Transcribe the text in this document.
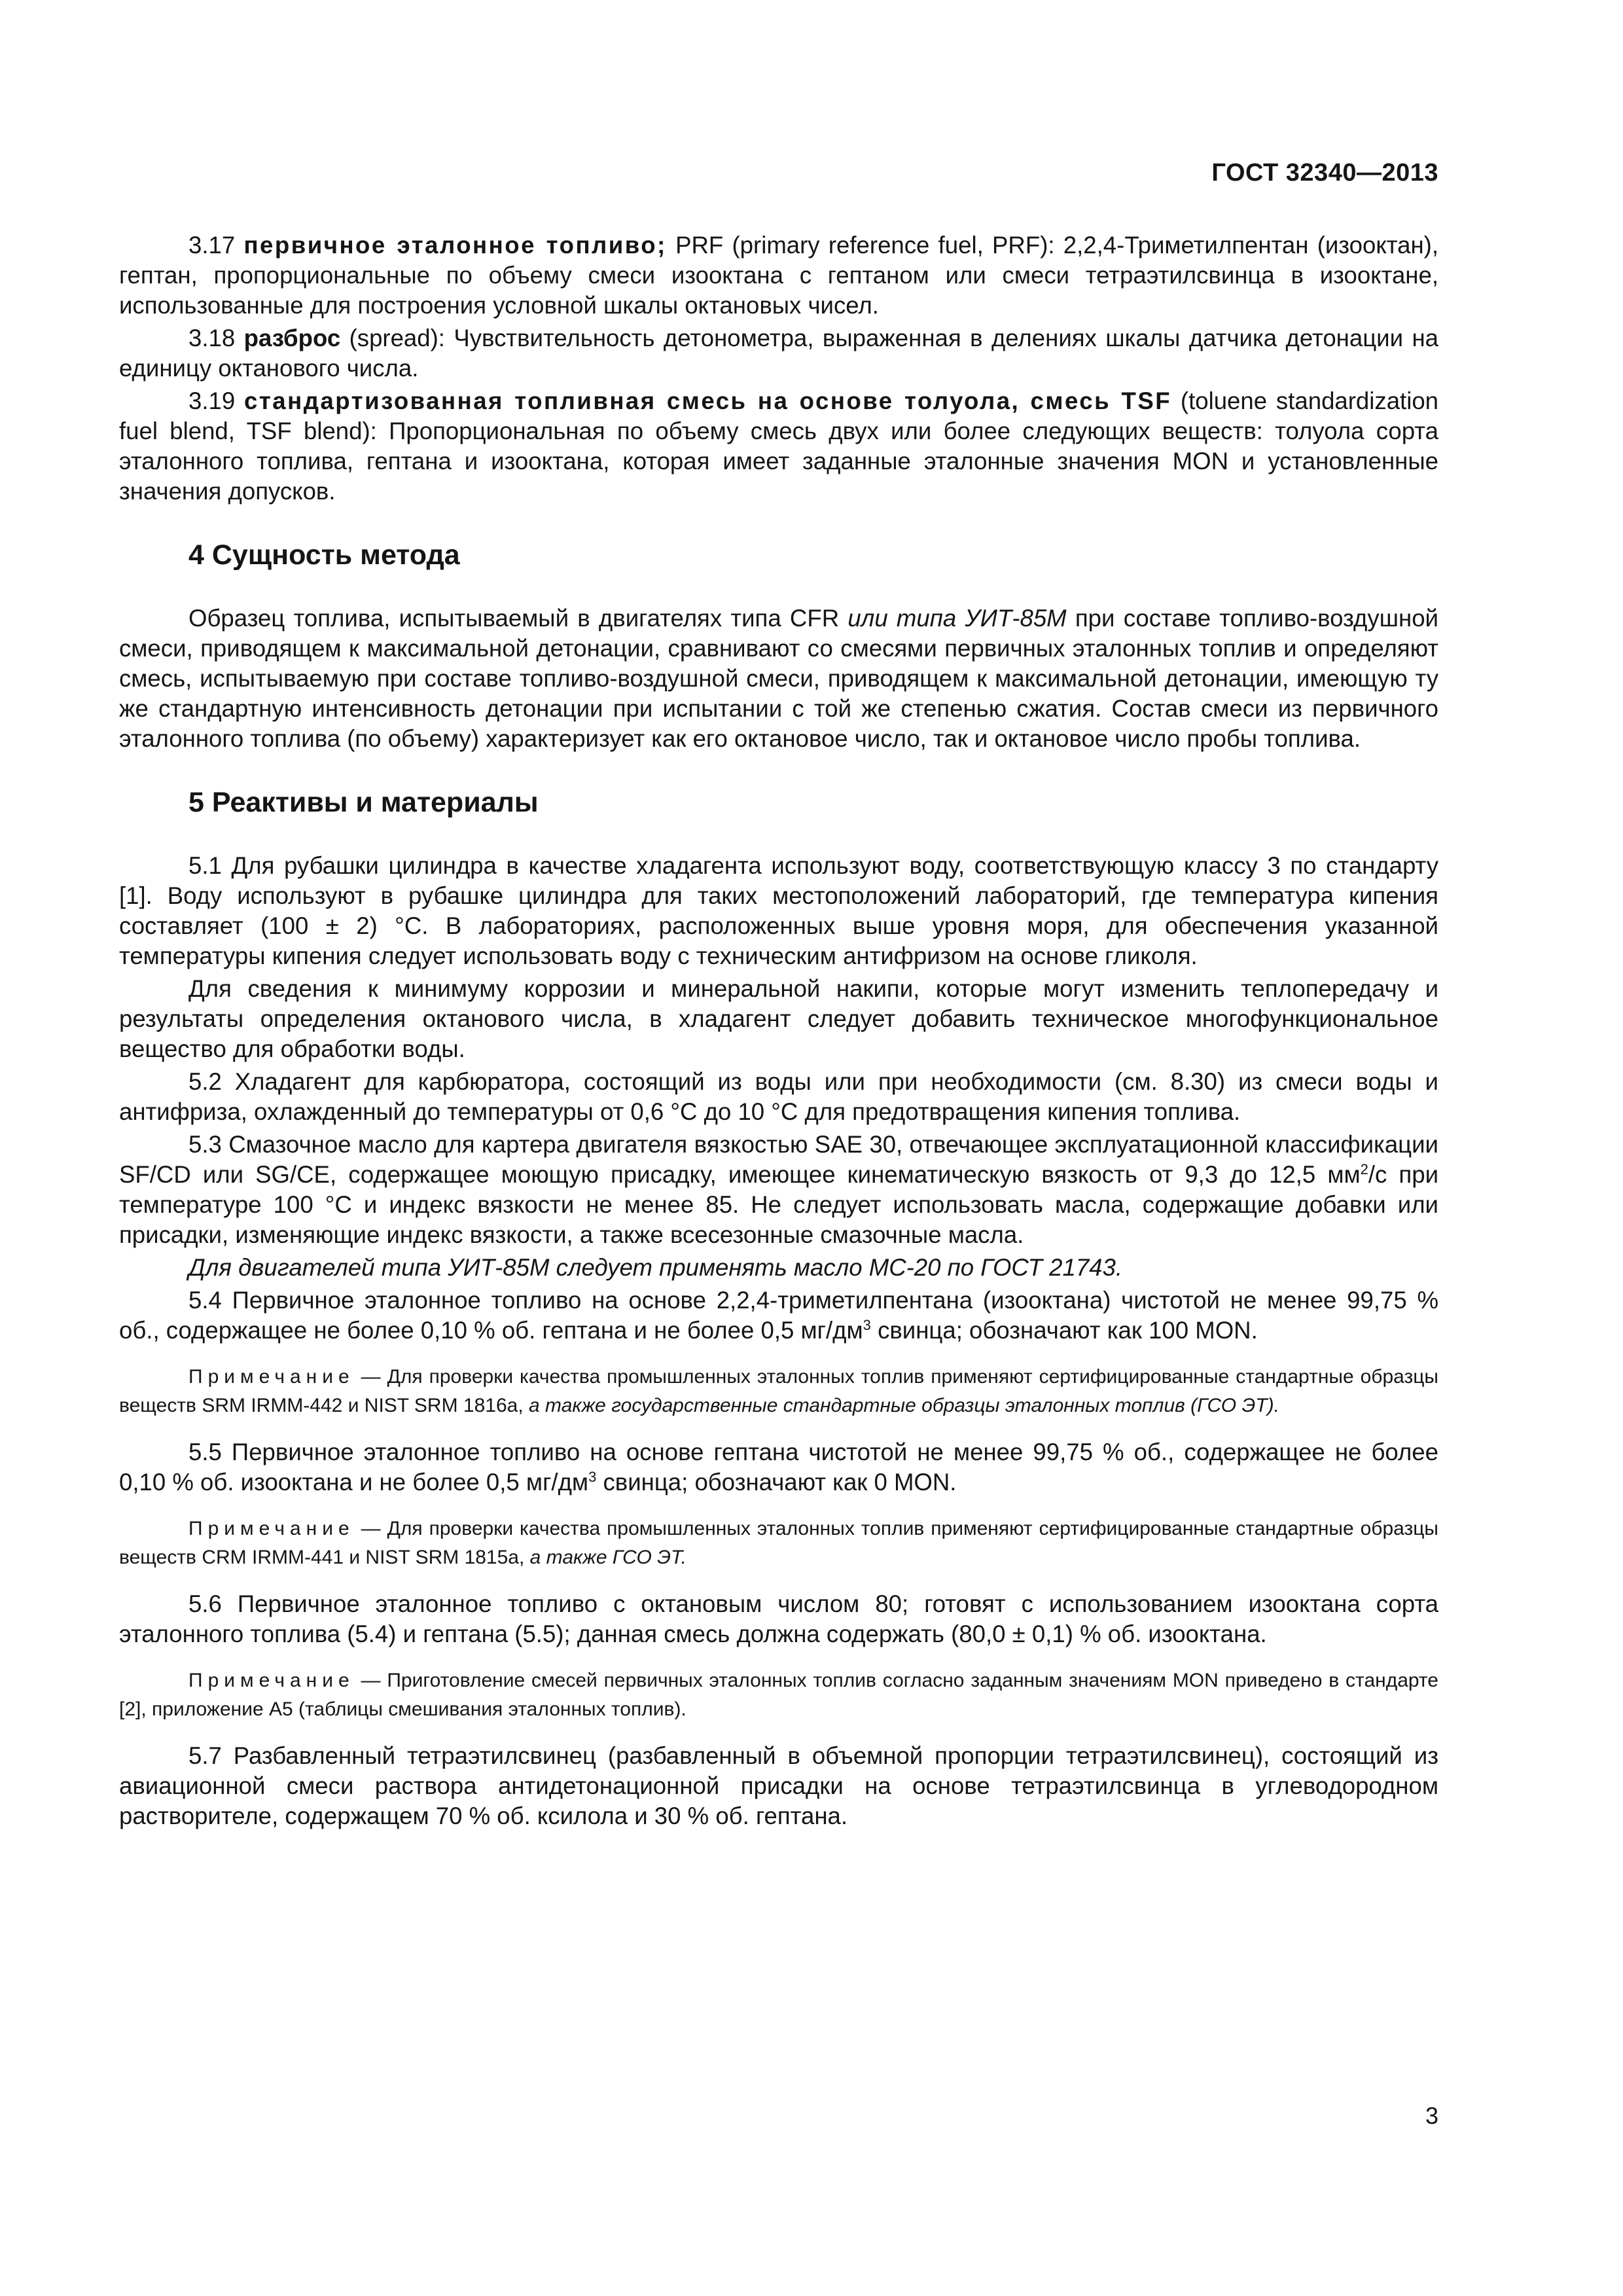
ГОСТ 32340—2013

3.17 первичное эталонное топливо; PRF (primary reference fuel, PRF): 2,2,4-Триметилпентан (изооктан), гептан, пропорциональные по объему смеси изооктана с гептаном или смеси тетраэтилсвинца в изооктане, использованные для построения условной шкалы октановых чисел.

3.18 разброс (spread): Чувствительность детонометра, выраженная в делениях шкалы датчика детонации на единицу октанового числа.

3.19 стандартизованная топливная смесь на основе толуола, смесь TSF (toluene standardization fuel blend, TSF blend): Пропорциональная по объему смесь двух или более следующих веществ: толуола сорта эталонного топлива, гептана и изооктана, которая имеет заданные эталонные значения MON и установленные значения допусков.

4 Сущность метода

Образец топлива, испытываемый в двигателях типа CFR или типа УИТ-85М при составе топливо-воздушной смеси, приводящем к максимальной детонации, сравнивают со смесями первичных эталонных топлив и определяют смесь, испытываемую при составе топливо-воздушной смеси, приводящем к максимальной детонации, имеющую ту же стандартную интенсивность детонации при испытании с той же степенью сжатия. Состав смеси из первичного эталонного топлива (по объему) характеризует как его октановое число, так и октановое число пробы топлива.

5 Реактивы и материалы

5.1 Для рубашки цилиндра в качестве хладагента используют воду, соответствующую классу 3 по стандарту [1]. Воду используют в рубашке цилиндра для таких местоположений лабораторий, где температура кипения составляет (100 ± 2) °С. В лабораториях, расположенных выше уровня моря, для обеспечения указанной температуры кипения следует использовать воду с техническим антифризом на основе гликоля.

Для сведения к минимуму коррозии и минеральной накипи, которые могут изменить теплопередачу и результаты определения октанового числа, в хладагент следует добавить техническое многофункциональное вещество для обработки воды.

5.2 Хладагент для карбюратора, состоящий из воды или при необходимости (см. 8.30) из смеси воды и антифриза, охлажденный до температуры от 0,6 °С до 10 °С для предотвращения кипения топлива.

5.3 Смазочное масло для картера двигателя вязкостью SAE 30, отвечающее эксплуатационной классификации SF/CD или SG/CE, содержащее моющую присадку, имеющее кинематическую вязкость от 9,3 до 12,5 $мм^2/с$ при температуре 100 °С и индекс вязкости не менее 85. Не следует использовать масла, содержащие добавки или присадки, изменяющие индекс вязкости, а также всесезонные смазочные масла.

Для двигателей типа УИТ-85М следует применять масло МС-20 по ГОСТ 21743.

5.4 Первичное эталонное топливо на основе 2,2,4-триметилпентана (изооктана) чистотой не менее 99,75 % об., содержащее не более 0,10 % об. гептана и не более 0,5 $мг/дм^3$ свинца; обозначают как 100 MON.

Примечание — Для проверки качества промышленных эталонных топлив применяют сертифицированные стандартные образцы веществ SRM IRMM-442 и NIST SRM 1816a, а также государственные стандартные образцы эталонных топлив (ГСО ЭТ).

5.5 Первичное эталонное топливо на основе гептана чистотой не менее 99,75 % об., содержащее не более 0,10 % об. изооктана и не более 0,5 $мг/дм^3$ свинца; обозначают как 0 MON.

Примечание — Для проверки качества промышленных эталонных топлив применяют сертифицированные стандартные образцы веществ CRM IRMM-441 и NIST SRM 1815a, а также ГСО ЭТ.

5.6 Первичное эталонное топливо с октановым числом 80; готовят с использованием изооктана сорта эталонного топлива (5.4) и гептана (5.5); данная смесь должна содержать (80,0 ± 0,1) % об. изооктана.

Примечание — Приготовление смесей первичных эталонных топлив согласно заданным значениям MON приведено в стандарте [2], приложение А5 (таблицы смешивания эталонных топлив).

5.7 Разбавленный тетраэтилсвинец (разбавленный в объемной пропорции тетраэтилсвинец), состоящий из авиационной смеси раствора антидетонационной присадки на основе тетраэтилсвинца в углеводородном растворителе, содержащем 70 % об. ксилола и 30 % об. гептана.

3
